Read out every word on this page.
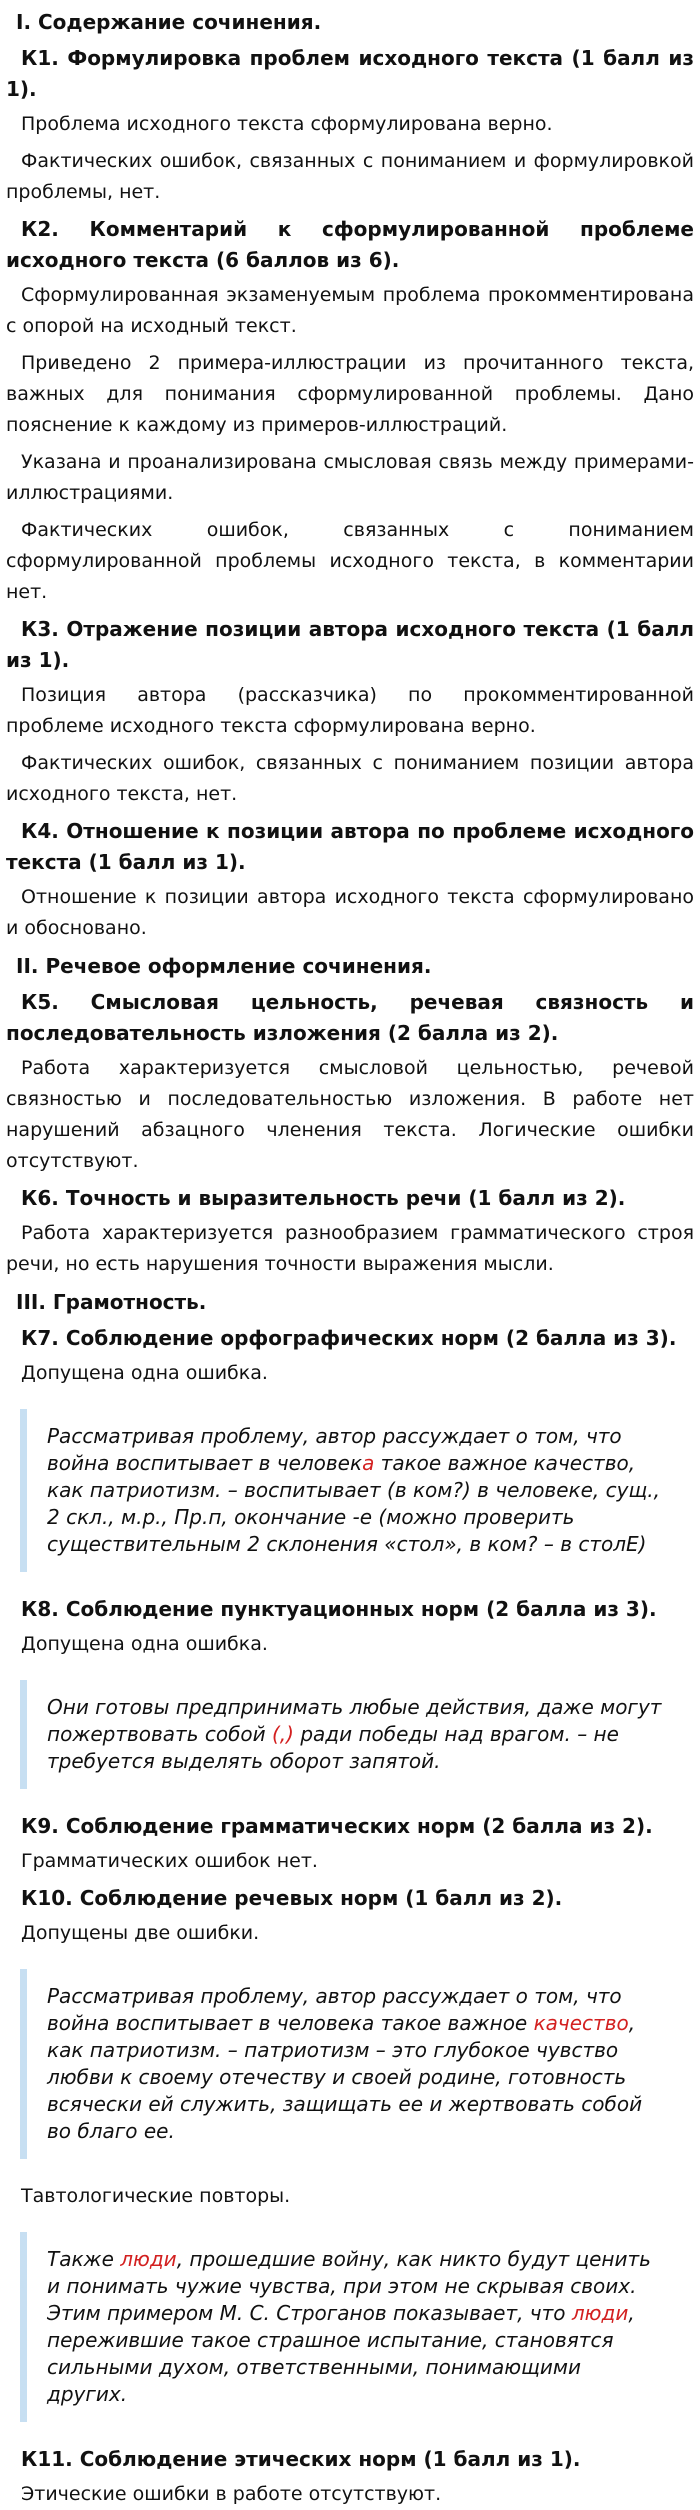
I. Содержание сочинения.
К1. Формулировка проблем исходного текста (1 балл из 1).
Проблема исходного текста сформулирована верно.
Фактических ошибок, связанных с пониманием и формулировкой проблемы, нет.
К2. Комментарий к сформулированной проблеме исходного текста (6 баллов из 6).
Сформулированная экзаменуемым проблема прокомментирована с опорой на исходный текст.
Приведено 2 примера-иллюстрации из прочитанного текста, важных для понимания сформулированной проблемы. Дано пояснение к каждому из примеров-иллюстраций.
Указана и проанализирована смысловая связь между примерами-иллюстрациями.
Фактических ошибок, связанных с пониманием сформулированной проблемы исходного текста, в комментарии нет.
К3. Отражение позиции автора исходного текста (1 балл из 1).
Позиция автора (рассказчика) по прокомментированной проблеме исходного текста сформулирована верно.
Фактических ошибок, связанных с пониманием позиции автора исходного текста, нет.
К4. Отношение к позиции автора по проблеме исходного текста (1 балл из 1).
Отношение к позиции автора исходного текста сформулировано и обосновано.
II. Речевое оформление сочинения.
К5. Смысловая цельность, речевая связность и последовательность изложения (2 балла из 2).
Работа характеризуется смысловой цельностью, речевой связностью и последовательностью изложения. В работе нет нарушений абзацного членения текста. Логические ошибки отсутствуют.
К6. Точность и выразительность речи (1 балл из 2).
Работа характеризуется разнообразием грамматического строя речи, но есть нарушения точности выражения мысли.
III. Грамотность.
К7. Соблюдение орфографических норм (2 балла из 3).
Допущена одна ошибка.
Рассматривая проблему, автор рассуждает о том, что война воспитывает в человека такое важное качество, как патриотизм. – воспитывает (в ком?) в человеке, сущ., 2 скл., м.р., Пр.п, окончание -е (можно проверить существительным 2 склонения «стол», в ком? – в столЕ)
К8. Соблюдение пунктуационных норм (2 балла из 3).
Допущена одна ошибка.
Они готовы предпринимать любые действия, даже могут пожертвовать собой (,) ради победы над врагом. – не требуется выделять оборот запятой.
К9. Соблюдение грамматических норм (2 балла из 2).
Грамматических ошибок нет.
К10. Соблюдение речевых норм (1 балл из 2).
Допущены две ошибки.
Рассматривая проблему, автор рассуждает о том, что война воспитывает в человека такое важное качество, как патриотизм. – патриотизм – это глубокое чувство любви к своему отечеству и своей родине, готовность всячески ей служить, защищать ее и жертвовать собой во благо ее.
Тавтологические повторы.
Также люди, прошедшие войну, как никто будут ценить и понимать чужие чувства, при этом не скрывая своих. Этим примером М. С. Строганов показывает, что люди, пережившие такое страшное испытание, становятся сильными духом, ответственными, понимающими других.
К11. Соблюдение этических норм (1 балл из 1).
Этические ошибки в работе отсутствуют.
